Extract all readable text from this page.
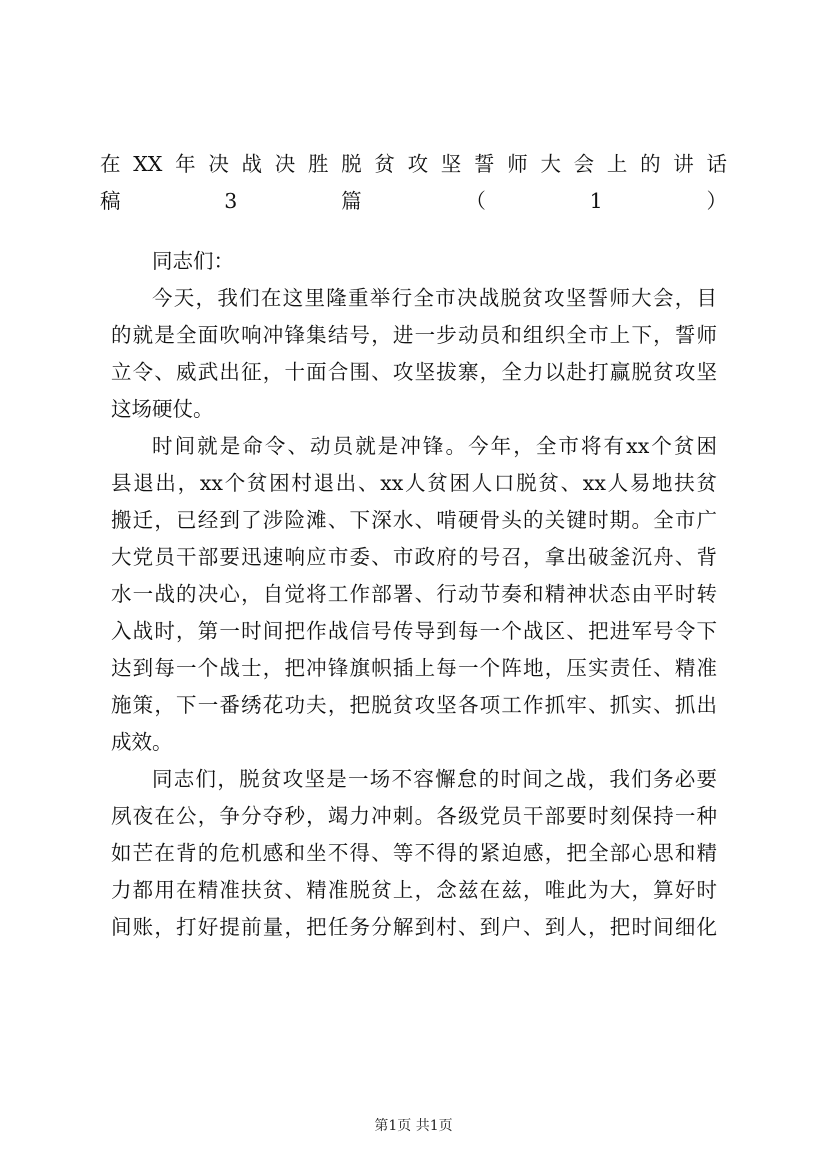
在XX年决战决胜脱贫攻坚誓师大会上的讲话
稿3篇（1）
同志们：
今天，我们在这里隆重举行全市决战脱贫攻坚誓师大会，目
的就是全面吹响冲锋集结号，进一步动员和组织全市上下，誓师
立令、威武出征，十面合围、攻坚拔寨，全力以赴打赢脱贫攻坚
这场硬仗。
时间就是命令、动员就是冲锋。今年，全市将有xx个贫困
县退出，xx个贫困村退出、xx人贫困人口脱贫、xx人易地扶贫
搬迁，已经到了涉险滩、下深水、啃硬骨头的关键时期。全市广
大党员干部要迅速响应市委、市政府的号召，拿出破釜沉舟、背
水一战的决心，自觉将工作部署、行动节奏和精神状态由平时转
入战时，第一时间把作战信号传导到每一个战区、把进军号令下
达到每一个战士，把冲锋旗帜插上每一个阵地，压实责任、精准
施策，下一番绣花功夫，把脱贫攻坚各项工作抓牢、抓实、抓出
成效。
同志们，脱贫攻坚是一场不容懈怠的时间之战，我们务必要
夙夜在公，争分夺秒，竭力冲刺。各级党员干部要时刻保持一种
如芒在背的危机感和坐不得、等不得的紧迫感，把全部心思和精
力都用在精准扶贫、精准脱贫上，念兹在兹，唯此为大，算好时
间账，打好提前量，把任务分解到村、到户、到人，把时间细化
第1页 共1页
